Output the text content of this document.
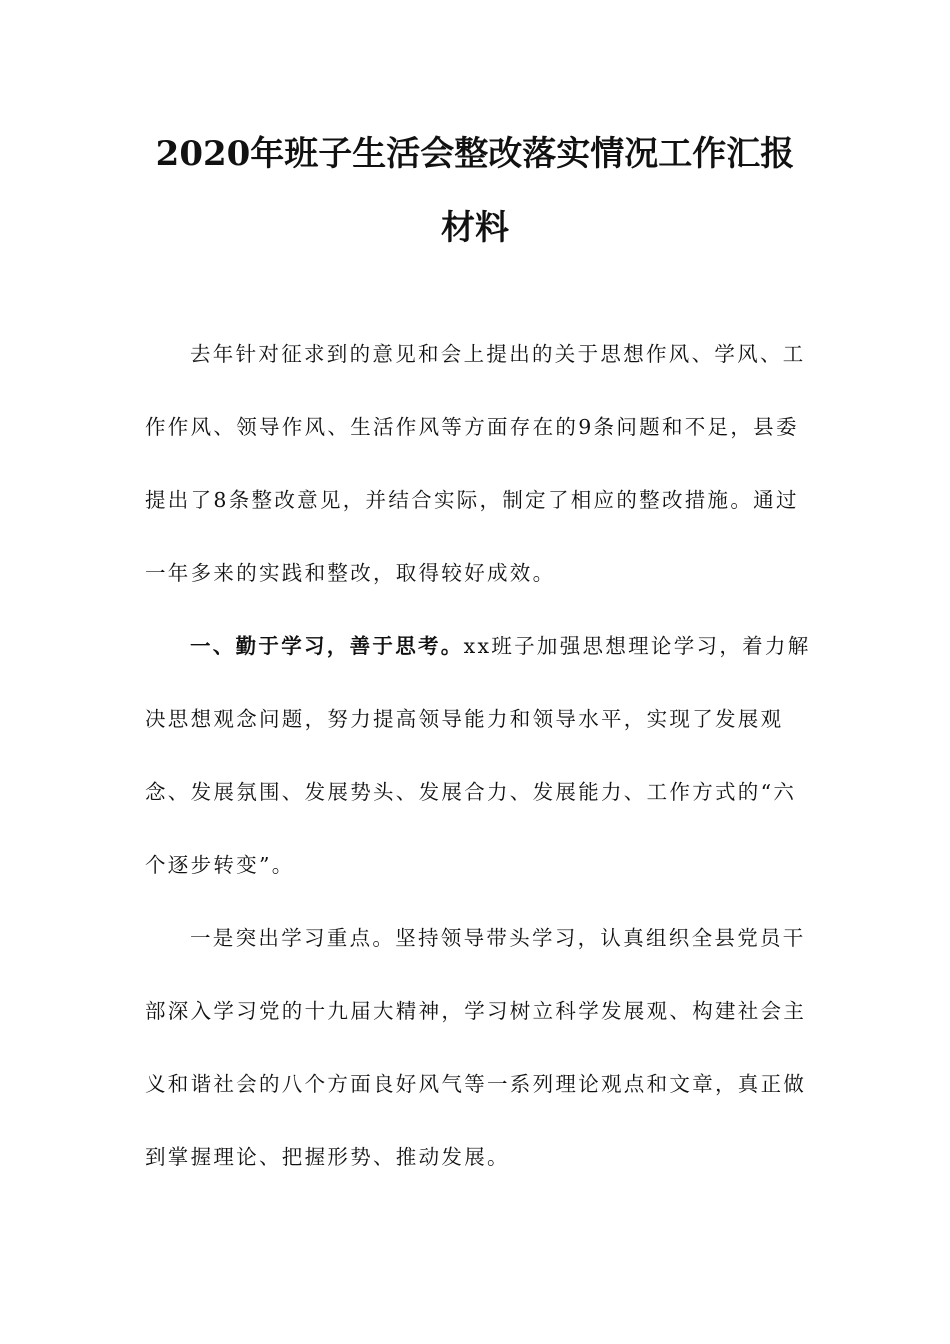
2020年班子生活会整改落实情况工作汇报
材料
去年针对征求到的意见和会上提出的关于思想作风、学风、工
作作风、领导作风、生活作风等方面存在的9条问题和不足，县委
提出了8条整改意见，并结合实际，制定了相应的整改措施。通过
一年多来的实践和整改，取得较好成效。
一、勤于学习，善于思考。xx班子加强思想理论学习，着力解
决思想观念问题，努力提高领导能力和领导水平，实现了发展观
念、发展氛围、发展势头、发展合力、发展能力、工作方式的“六
个逐步转变”。
一是突出学习重点。坚持领导带头学习，认真组织全县党员干
部深入学习党的十九届大精神，学习树立科学发展观、构建社会主
义和谐社会的八个方面良好风气等一系列理论观点和文章，真正做
到掌握理论、把握形势、推动发展。
